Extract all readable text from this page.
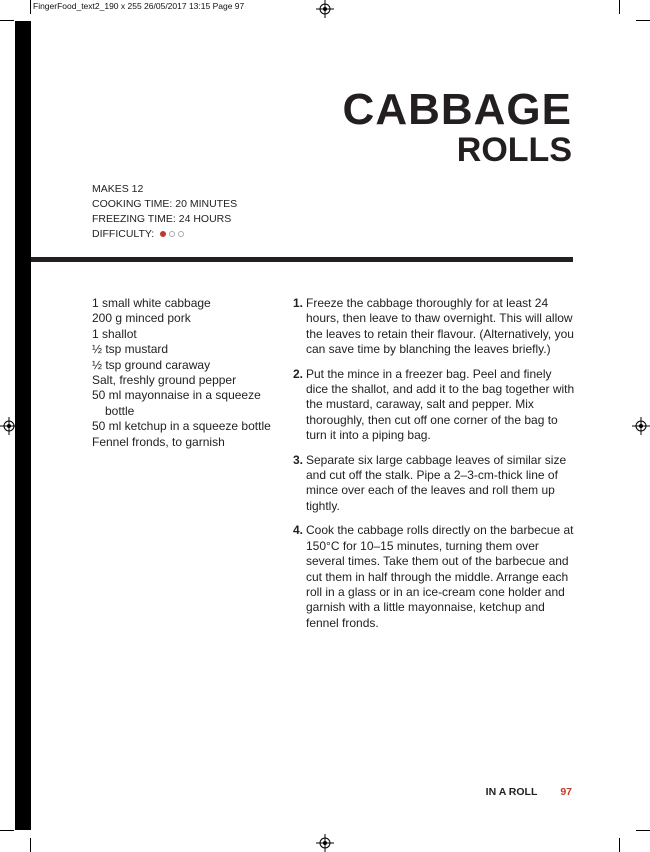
FingerFood_text2_190 x 255 26/05/2017 13:15 Page 97
CABBAGE
ROLLS
MAKES 12
COOKING TIME: 20 MINUTES
FREEZING TIME: 24 HOURS
DIFFICULTY:
1 small white cabbage
200 g minced pork
1 shallot
½ tsp mustard
½ tsp ground caraway
Salt, freshly ground pepper
50 ml mayonnaise in a squeeze bottle
50 ml ketchup in a squeeze bottle
Fennel fronds, to garnish
1. Freeze the cabbage thoroughly for at least 24 hours, then leave to thaw overnight. This will allow the leaves to retain their flavour. (Alternatively, you can save time by blanching the leaves briefly.)
2. Put the mince in a freezer bag. Peel and finely dice the shallot, and add it to the bag together with the mustard, caraway, salt and pepper. Mix thoroughly, then cut off one corner of the bag to turn it into a piping bag.
3. Separate six large cabbage leaves of similar size and cut off the stalk. Pipe a 2–3-cm-thick line of mince over each of the leaves and roll them up tightly.
4. Cook the cabbage rolls directly on the barbecue at 150°C for 10–15 minutes, turning them over several times. Take them out of the barbecue and cut them in half through the middle. Arrange each roll in a glass or in an ice-cream cone holder and garnish with a little mayonnaise, ketchup and fennel fronds.
IN A ROLL 97
